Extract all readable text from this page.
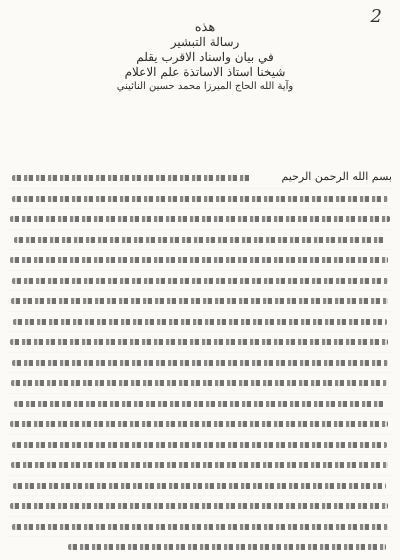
2
هذه
رسالة التبشير
في بيان واسناد الاقرب يقلم
شيخنا استاذ الاساتذة علم الاعلام
وآية الله الحاج الميرزا محمد حسين النائيني
بسم الله الرحمن الرحيم
